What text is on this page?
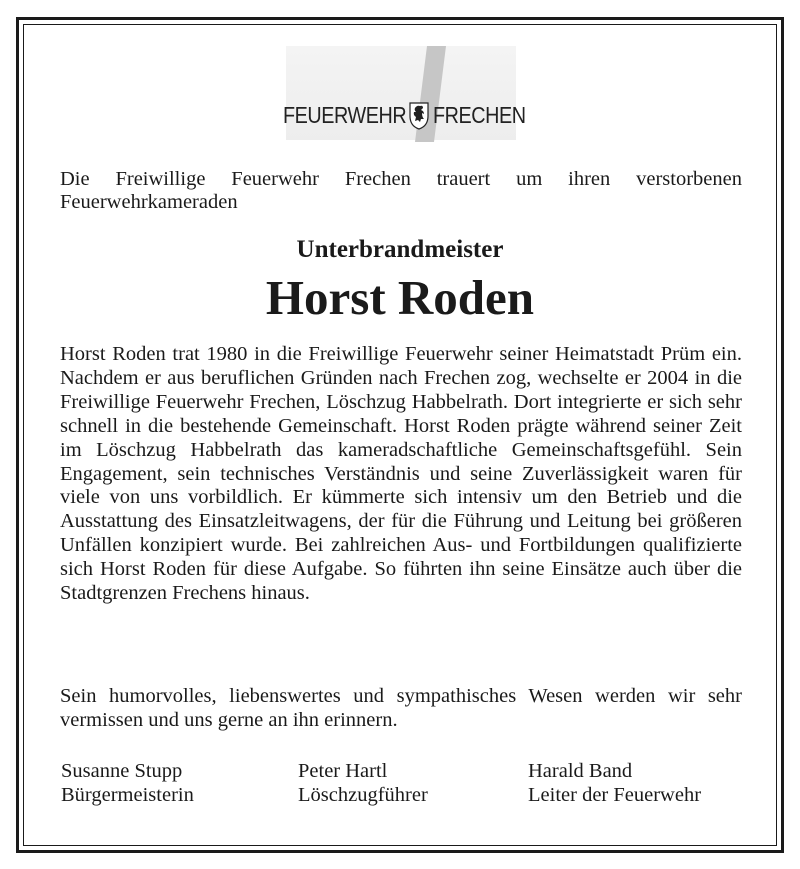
FEUERWEHR FRECHEN
Die Freiwillige Feuerwehr Frechen trauert um ihren verstorbenen Feuerwehrkameraden
Unterbrandmeister
Horst Roden

Horst Roden trat 1980 in die Freiwillige Feuerwehr seiner Heimatstadt Prüm ein. Nachdem er aus beruflichen Gründen nach Frechen zog, wechselte er 2004 in die Freiwillige Feuerwehr Frechen, Löschzug Habbelrath. Dort integrierte er sich sehr schnell in die bestehende Gemeinschaft. Horst Roden prägte während seiner Zeit im Löschzug Habbelrath das kameradschaftliche Gemeinschaftsgefühl. Sein Engagement, sein technisches Verständnis und seine Zuverlässigkeit waren für viele von uns vorbildlich. Er kümmerte sich intensiv um den Betrieb und die Ausstattung des Einsatzleitwagens, der für die Führung und Leitung bei größeren Unfällen konzipiert wurde. Bei zahlreichen Aus- und Fortbildungen qualifizierte sich Horst Roden für diese Aufgabe. So führten ihn seine Einsätze auch über die Stadtgrenzen Frechens hinaus.

Sein humorvolles, liebenswertes und sympathisches Wesen werden wir sehr vermissen und uns gerne an ihn erinnern.

Susanne Stupp
Bürgermeisterin
Peter Hartl
Löschzugführer
Harald Band
Leiter der Feuerwehr
